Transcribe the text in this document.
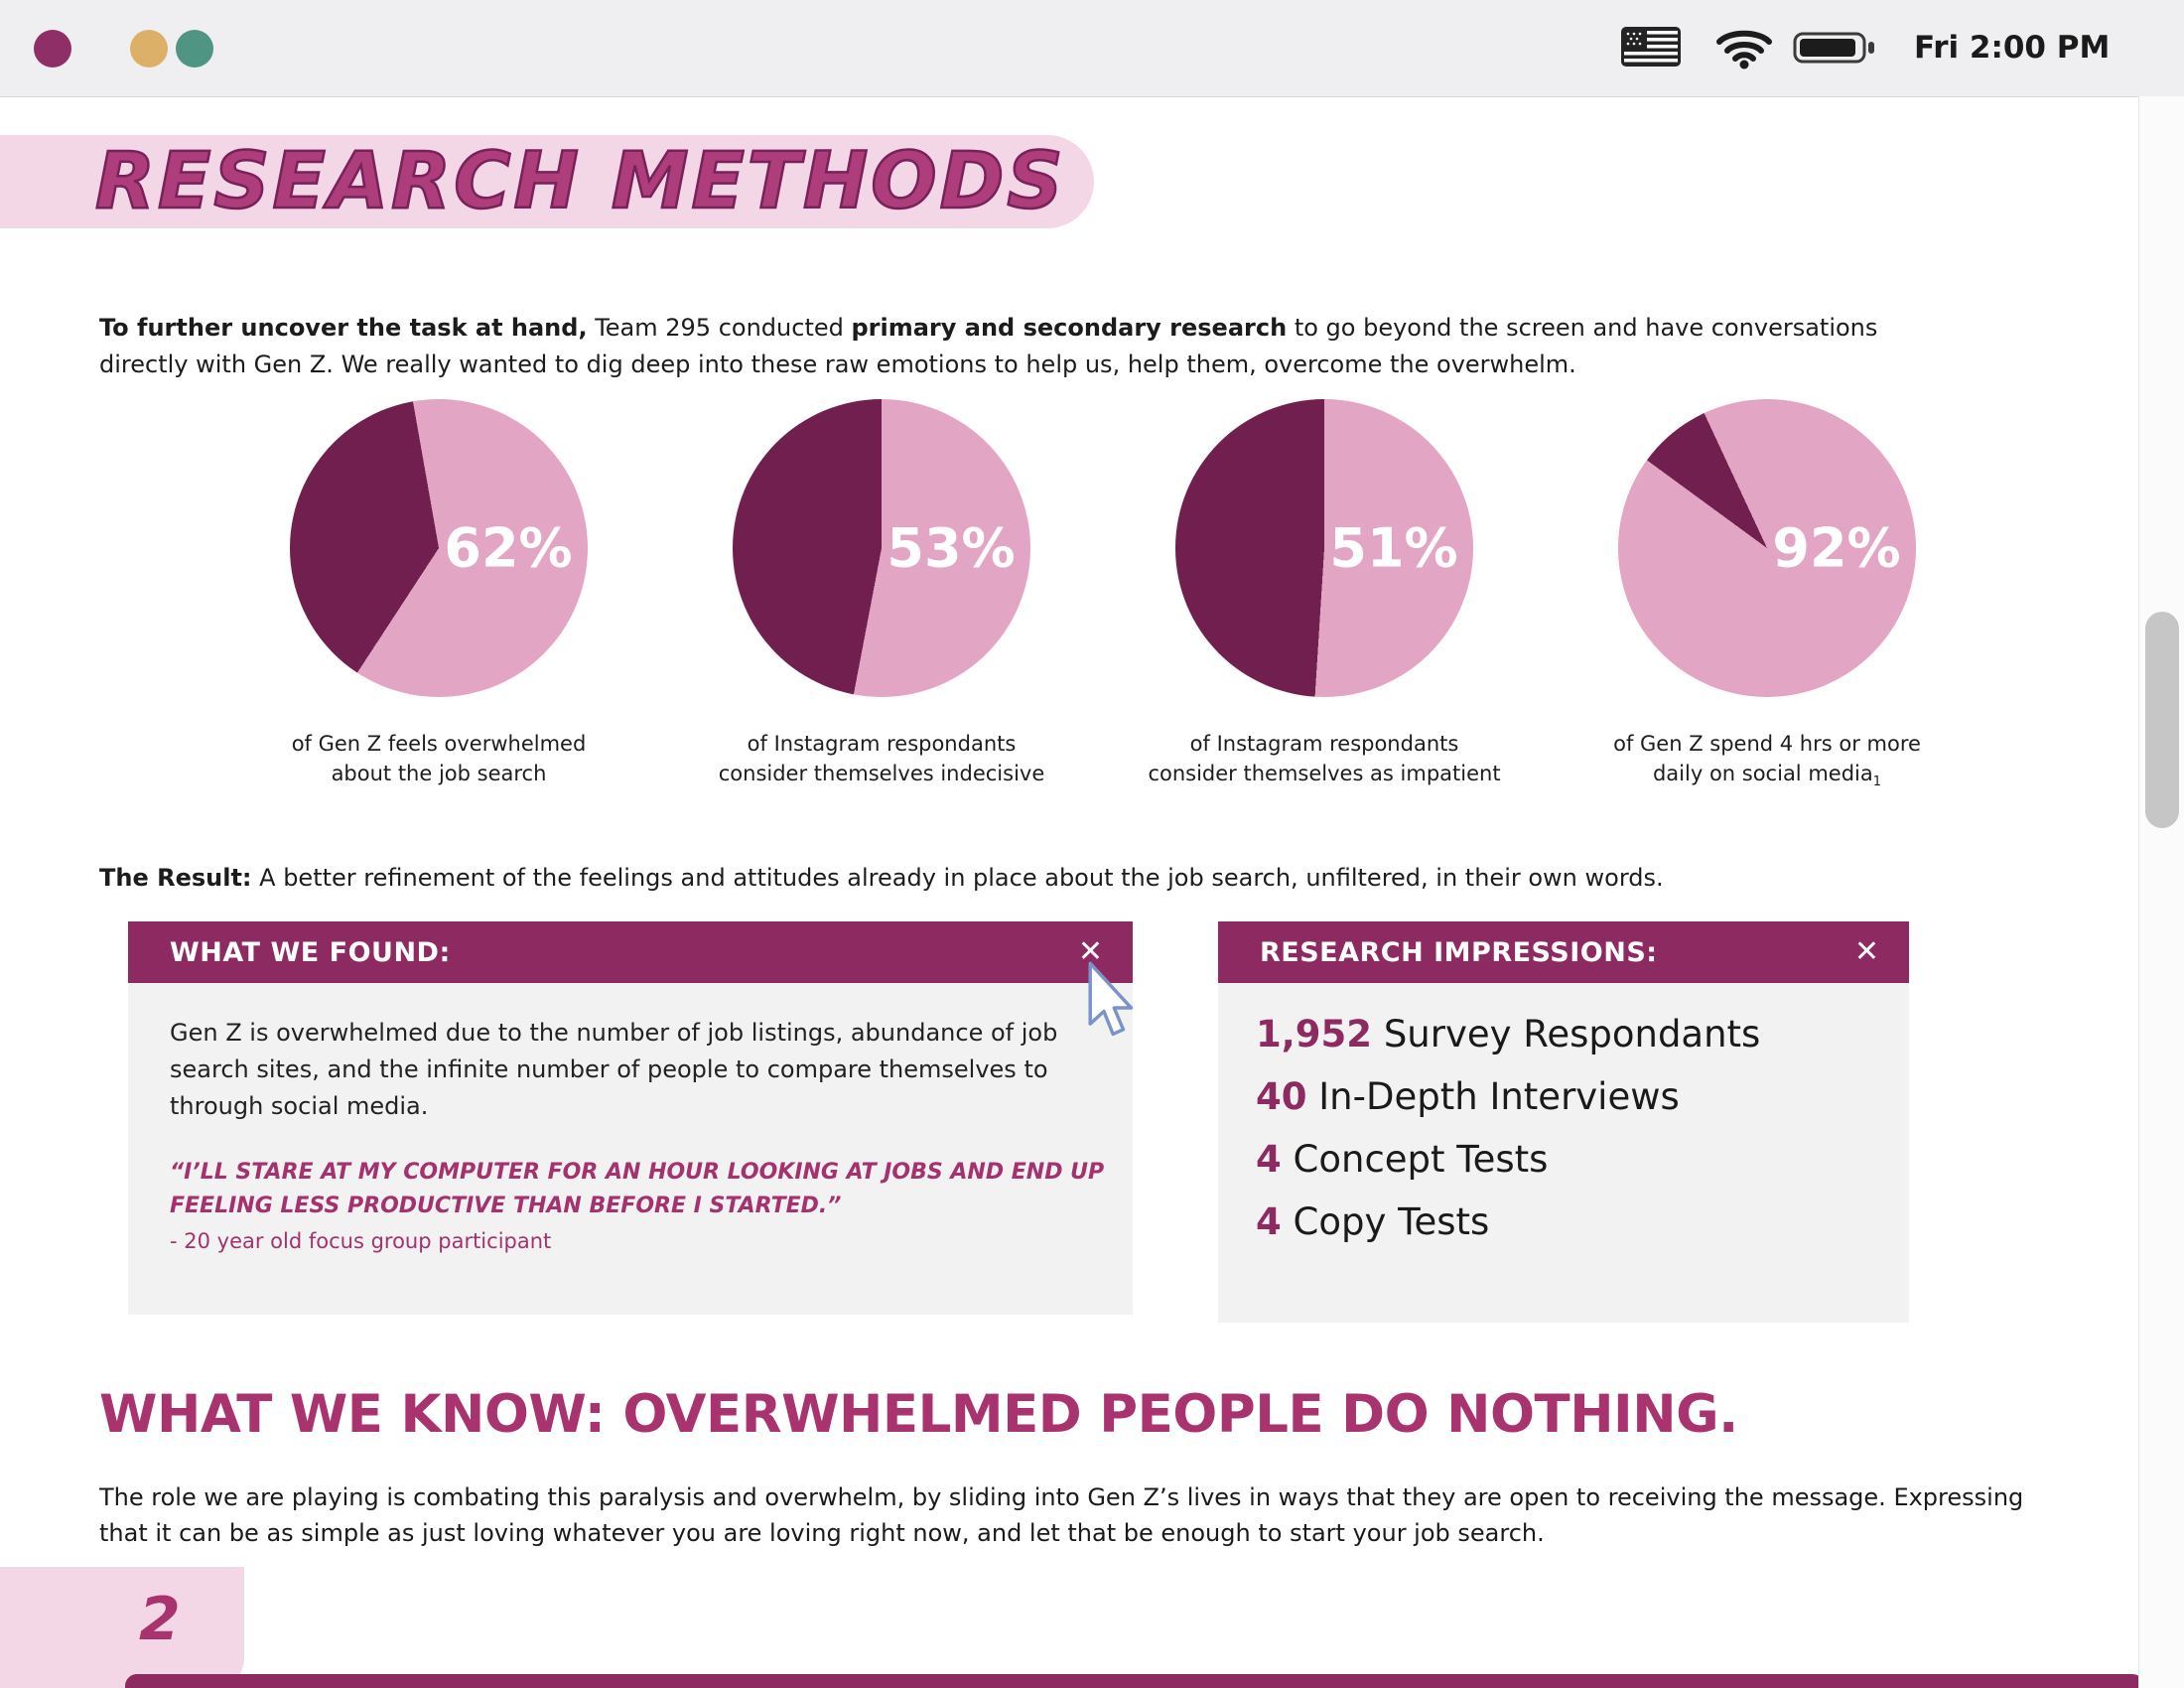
Fri 2:00 PM
RESEARCH METHODS

To further uncover the task at hand, Team 295 conducted primary and secondary research to go beyond the screen and have conversations directly with Gen Z. We really wanted to dig deep into these raw emotions to help us, help them, overcome the overwhelm.

62%
of Gen Z feels overwhelmed
about the job search
53%
of Instagram respondants
consider themselves indecisive
51%
of Instagram respondants
consider themselves as impatient
92%
of Gen Z spend 4 hrs or more
daily on social media$_1$

The Result: A better refinement of the feelings and attitudes already in place about the job search, unfiltered, in their own words.

WHAT WE FOUND:	✕
Gen Z is overwhelmed due to the number of job listings, abundance of job search sites, and the infinite number of people to compare themselves to through social media.
“I’LL STARE AT MY COMPUTER FOR AN HOUR LOOKING AT JOBS AND END UP FEELING LESS PRODUCTIVE THAN BEFORE I STARTED.”
- 20 year old focus group participant
RESEARCH IMPRESSIONS:	✕
1,952 Survey Respondants
40 In-Depth Interviews
4 Concept Tests
4 Copy Tests
WHAT WE KNOW: OVERWHELMED PEOPLE DO NOTHING.

The role we are playing is combating this paralysis and overwhelm, by sliding into Gen Z’s lives in ways that they are open to receiving the message. Expressing that it can be as simple as just loving whatever you are loving right now, and let that be enough to start your job search.

2
